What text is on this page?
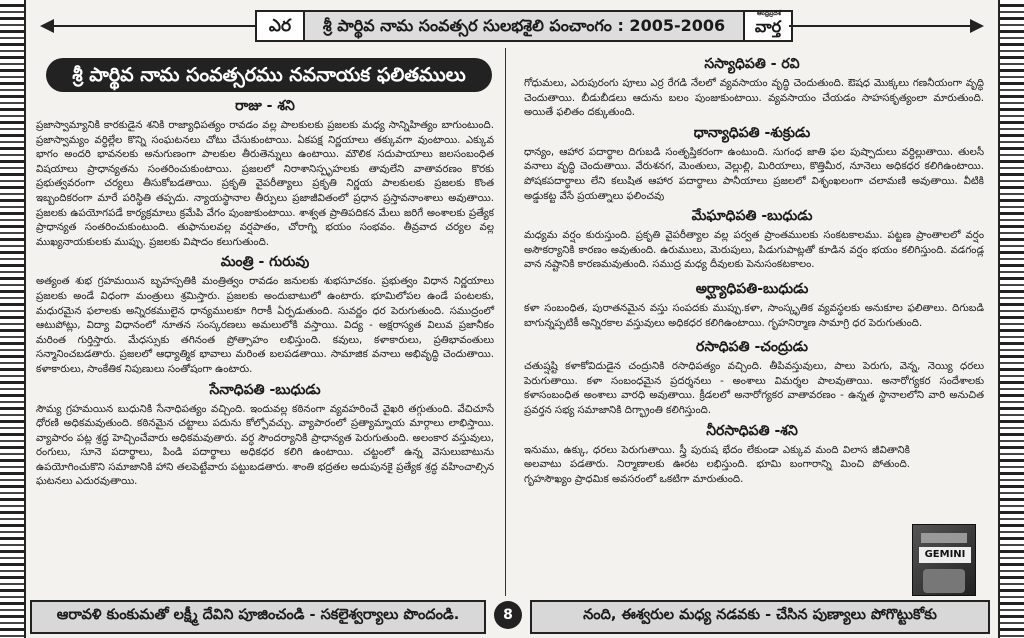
ఎర	శ్రీ పార్థివ నామ సంవత్సర సులభశైలి పంచాంగం : 2005-2006
ఆంధ్రప్రదేశ్
వార్త
శ్రీ పార్థివ నామ సంవత్సరము నవనాయక ఫలితములు
రాజు - శని
ప్రజాస్వామ్యానికి కారకుడైన శనికి రాజ్యాధిపత్యం రావడం వల్ల పాలకులకు ప్రజలకు మధ్య సాన్నిహిత్యం బాగుంటుంది. ప్రజాస్వామ్యం వర్ధిల్లేల కొన్ని సంఘటనలు చోటు చేసుకుంటాయి. ఏకపక్ష నిర్ణయాలు తక్కువగా వుంటాయి. ఎక్కువ భాగం అందరి భావనలకు అనుగుణంగా పాలకుల తీరుతెన్నులు ఉంటాయి. మౌలిక సదుపాయాలు జలసంబంధిత విషయాలు ప్రాధాన్యతను సంతరించుకుంటాయి. ప్రజలలో నిరాశానిస్పృహలకు తావులేని వాతావరణం కొరకు ప్రభుత్వవరంగా చర్యలు తీసుకోబడతాయి. ప్రకృతి వైపరీత్యాలు ప్రకృతి నిర్ణయ పాలకులకు ప్రజలకు కొంత ఇబ్బందికరంగా మారే పరిస్థితి తప్పదు. న్యాయస్థానాల తీర్పులు ప్రజాజీవితంలో ప్రధాన ప్రస్తావనాంశాలు అవుతాయి. ప్రజలకు ఉపయోగపడే కార్యక్రమాలు క్రమేపి వేగం పుంజుకుంటాయి. శాశ్వత ప్రాతిపదికన మేలు జరిగే అంశాలకు ప్రత్యేక ప్రాధాన్యత సంతరించుకుంటుంది. తుఫానులవల్ల వర్షపాతం, చోరాగ్ని భయం సంభవం. తీవ్రవాద చర్యల వల్ల ముఖ్యనాయకులకు ముప్పు. ప్రజలకు విషాదం కలుగుతుంది.
మంత్రి - గురువు
అత్యంత శుభ గ్రహమయిన బృహస్పతికి మంత్రిత్వం రావడం జనులకు శుభసూచకం. ప్రభుత్వం విధాన నిర్ణయాలు ప్రజలకు అండే విధంగా మంత్రులు శ్రమిస్తారు. ప్రజలకు అందుబాటులో ఉంటారు. భూమిలోపల ఉండే పంటలకు, మధురమైన ఫలాలకు అన్నిరకములైన ధాన్యములకూ గిరాకీ ఏర్పడుతుంది. సువర్ణం ధర పెరుగుతుంది. సముద్రంలో ఆటుపోట్లు, విద్యా విధానంలో నూతన సంస్కరణలు అమలులోకి వస్తాయి. విద్య - అక్షరాస్యత విలువ ప్రజానీకం మరింత గుర్తిస్తారు. మేధస్సుకు తగినంత ప్రోత్సాహం లభిస్తుంది. కవులు, కళాకారులు, ప్రతిభావంతులు సన్మానించబడతారు. ప్రజలలో ఆధ్యాత్మిక భావాలు మరింత బలపడతాయి. సామాజిక వనాలు అభివృద్ధి చెందుతాయి. కళాకారులు, సాంకేతిక నిపుణులు సంతోషంగా ఉంటారు.
సేనాధిపతి -బుధుడు
సౌమ్య గ్రహమయిన బుధునికి సేనాధిపత్యం వచ్చింది. ఇందువల్ల కఠినంగా వ్యవహరించే వైఖరి తగ్గుతుంది. వేచిచూసే ధోరణి అధికమవుతుంది. కఠినమైన చట్టాలు పదును కోల్పోవచ్చు. వ్యాపారంలో ప్రత్యామ్నాయ మార్గాలు లాభిస్తాయి. వ్యాపారం పట్ల శ్రద్ధ హెచ్చించేవారు అధికమవుతారు. వర్ధ సౌందర్యానికి ప్రాధాన్యత పెరుగుతుంది. అలంకార వస్తువులు, రంగులు, సూనె పదార్థాలు, పిండి పదార్థాలు అధికధర కలిగి ఉంటాయి. చట్టంలో ఉన్న వెసులుబాటును ఉపయోగించుకొని సమాజానికి హాని తలపెట్టేవారు పట్టుబడతారు. శాంతి భద్రతల అదుపునకై ప్రత్యేక శ్రద్ధ వహించాల్సిన ఘటనలు ఎదురవుతాయి.
సస్యాధిపతి - రవి
గోధుమలు, ఎరుపురంగు పూలు ఎర్ర రేగడి నేలలో వ్యవసాయం వృద్ధి చెందుతుంది. ఔషధ మొక్కలు గణనీయంగా వృద్ధి చెందుతాయి. బీడుబీడలు ఆదును బలం పుంజుకుంటాయి. వ్యవసాయం చేయడం సాహసకృత్యంలా మారుతుంది. అయితే ఫలితం దక్కుతుంది.
ధాన్యాధిపతి -శుక్రుడు
ధాన్యం, ఆహార పదార్థాల దిగుబడి సంతృప్తికరంగా ఉంటుంది. సుగంధ జాతి ఫల పుష్పాదులు వర్ధిల్లుతాయి. తులసీ వనాలు వృద్ధి చెందుతాయి. వేరుశనగ, మెంతులు, వెల్లుల్లి, మిరియాలు, కొత్తిమీర, నూనెలు అధికధర కలిగిఉంటాయి. పోషకపదార్థాలు లేని కలుషిత ఆహార పదార్థాలు పానీయాలు ప్రజలలో విశృంఖలంగా చలామణి అవుతాయి. వీటికి అడ్డుకట్ట వేసే ప్రయత్నాలు ఫలించవు
మేఘాధిపతి -బుధుడు
మధ్యమ వర్షం కురుస్తుంది. ప్రకృతి వైపరీత్యాల వల్ల పర్వత ప్రాంతములకు సంకటకాలము. పట్టణ ప్రాంతాలలో వర్షం అసౌకర్యానికి కారణం అవుతుంది. ఉరుములు, మెరుపులు, పిడుగుపాట్లతో కూడిన వర్షం భయం కలిగిస్తుంది. వడగండ్ల వాన నష్టానికి కారణమవుతుంది. సముద్ర మధ్య దీవులకు పెనుసంకటకాలం.
అర్ఘ్యాధిపతి-బుధుడు
కళా సంబంధిత, పురాతనమైన వస్తు సంపదకు ముప్పు.కళా, సాంస్కృతిక వ్యవస్థలకు అనుకూల ఫలితాలు. దిగుబడి బాగున్నప్పటికీ అన్నిరకాల వస్తువులు అధికధర కలిగిఉంటాయి. గృహనిర్మాణ సామాగ్రి ధర పెరుగుతుంది.
రసాధిపతి -చంద్రుడు
చతుష్షష్టి కళాకోవిదుడైన చంద్రునికి రసాధిపత్యం వచ్చింది. తీపివస్తువులు, పాలు పెరుగు, వెన్న, నెయ్యి ధరలు పెరుగుతాయి. కళా సంబంధమైన ప్రదర్శనలు - అంశాలు విమర్శల పాలవుతాయి. అనారోగ్యకర సందేశాలకు కళాసంబంధిత అంశాలు వారధి అవుతాయి. క్రీడలలో అనారోగ్యకర వాతావరణం - ఉన్నత స్థానాలలోని వారి అనుచిత ప్రవర్తన సభ్య సమాజానికి దిగ్భ్రాంతి కలిగిస్తుంది.
నీరసాధిపతి -శని
ఇనుము, ఉక్కు, ధరలు పెరుగుతాయి. స్త్రీ పురుష భేదం లేకుండా ఎక్కువ మంది విలాస జీవితానికి అలవాటు పడతారు. నిర్మాణాలకు ఊరట లభిస్తుంది. భూమి బంగారాన్ని మించి పోతుంది. గృహసౌఖ్యం ప్రాధమిక అవసరంలో ఒకటిగా మారుతుంది.
GEMINI
ఆరావళి కుంకుమతో లక్ష్మీ దేవిని పూజించండి - సకలైశ్వర్యాలు పొందండి.	8	నంది, ఈశ్వరుల మధ్య నడవకు - చేసిన పుణ్యాలు పోగొట్టుకోకు
